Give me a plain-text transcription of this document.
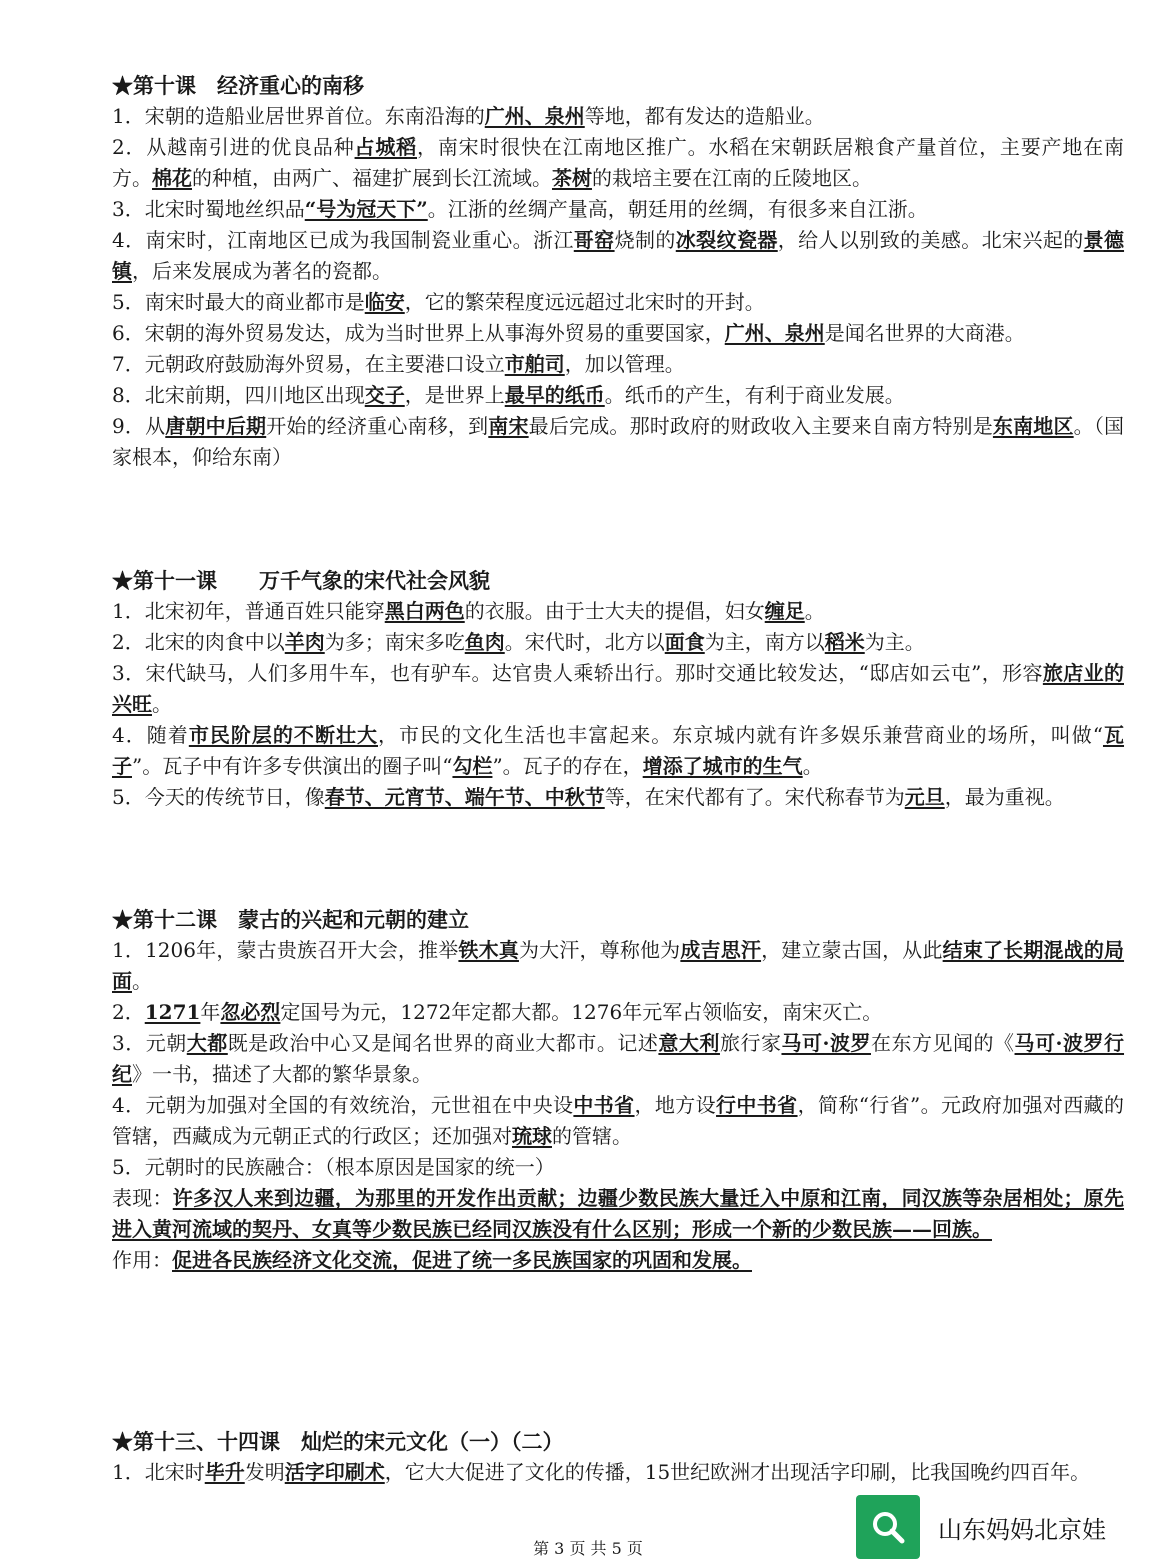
★第十课　经济重心的南移
1．宋朝的造船业居世界首位。东南沿海的广州、泉州等地，都有发达的造船业。
2．从越南引进的优良品种占城稻，南宋时很快在江南地区推广。水稻在宋朝跃居粮食产量首位，主要产地在南方。棉花的种植，由两广、福建扩展到长江流域。茶树的栽培主要在江南的丘陵地区。
3．北宋时蜀地丝织品“号为冠天下”。江浙的丝绸产量高，朝廷用的丝绸，有很多来自江浙。
4．南宋时，江南地区已成为我国制瓷业重心。浙江哥窑烧制的冰裂纹瓷器，给人以别致的美感。北宋兴起的景德镇，后来发展成为著名的瓷都。
5．南宋时最大的商业都市是临安，它的繁荣程度远远超过北宋时的开封。
6．宋朝的海外贸易发达，成为当时世界上从事海外贸易的重要国家，广州、泉州是闻名世界的大商港。
7．元朝政府鼓励海外贸易，在主要港口设立市舶司，加以管理。
8．北宋前期，四川地区出现交子，是世界上最早的纸币。纸币的产生，有利于商业发展。
9．从唐朝中后期开始的经济重心南移，到南宋最后完成。那时政府的财政收入主要来自南方特别是东南地区。（国家根本，仰给东南）
★第十一课　　万千气象的宋代社会风貌
1．北宋初年，普通百姓只能穿黑白两色的衣服。由于士大夫的提倡，妇女缠足。
2．北宋的肉食中以羊肉为多；南宋多吃鱼肉。宋代时，北方以面食为主，南方以稻米为主。
3．宋代缺马，人们多用牛车，也有驴车。达官贵人乘轿出行。那时交通比较发达，“邸店如云屯”，形容旅店业的兴旺。
4．随着市民阶层的不断壮大，市民的文化生活也丰富起来。东京城内就有许多娱乐兼营商业的场所，叫做“瓦子”。瓦子中有许多专供演出的圈子叫“勾栏”。瓦子的存在，增添了城市的生气。
5．今天的传统节日，像春节、元宵节、端午节、中秋节等，在宋代都有了。宋代称春节为元旦，最为重视。
★第十二课　蒙古的兴起和元朝的建立
1．1206年，蒙古贵族召开大会，推举铁木真为大汗，尊称他为成吉思汗，建立蒙古国，从此结束了长期混战的局面。
2．1271年忽必烈定国号为元，1272年定都大都。1276年元军占领临安，南宋灭亡。
3．元朝大都既是政治中心又是闻名世界的商业大都市。记述意大利旅行家马可·波罗在东方见闻的《马可·波罗行纪》一书，描述了大都的繁华景象。
4．元朝为加强对全国的有效统治，元世祖在中央设中书省，地方设行中书省，简称“行省”。元政府加强对西藏的管辖，西藏成为元朝正式的行政区；还加强对琉球的管辖。
5．元朝时的民族融合：（根本原因是国家的统一）
表现：许多汉人来到边疆，为那里的开发作出贡献；边疆少数民族大量迁入中原和江南，同汉族等杂居相处；原先进入黄河流域的契丹、女真等少数民族已经同汉族没有什么区别；形成一个新的少数民族——回族。
作用：促进各民族经济文化交流，促进了统一多民族国家的巩固和发展。
★第十三、十四课　灿烂的宋元文化（一）（二）
1．北宋时毕升发明活字印刷术，它大大促进了文化的传播，15世纪欧洲才出现活字印刷，比我国晚约四百年。
第 3 页 共 5 页
山东妈妈北京娃
